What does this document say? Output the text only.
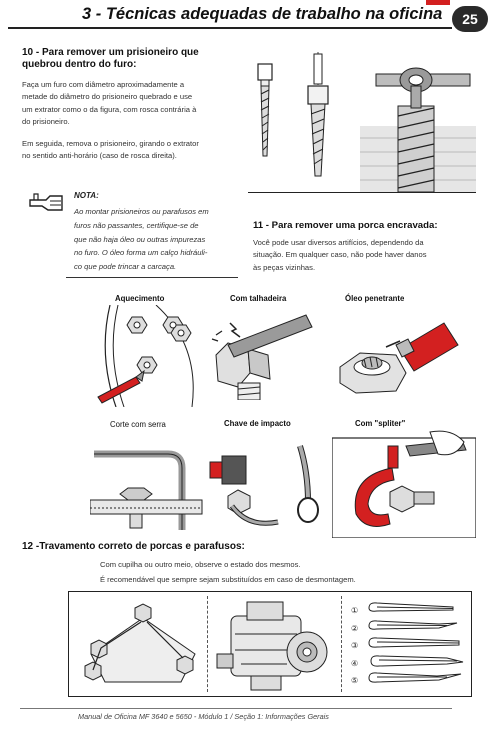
3 - Técnicas adequadas de trabalho na oficina	25
10 - Para remover um prisioneiro que
quebrou dentro do furo:
Faça um furo com diâmetro aproximadamente a
metade do diâmetro do prisioneiro quebrado e use
um extrator como o da figura, com rosca contrária à
do prisioneiro.
Em seguida, remova o prisioneiro, girando o extrator
no sentido anti-horário (caso de rosca direita).
NOTA:
Ao montar prisioneiros ou parafusos em
furos não passantes, certifique-se de
que não haja óleo ou outras impurezas
no furo. O óleo forma um calço hidráuli-
co que pode trincar a carcaça.
11 - Para remover uma porca encravada:
Você pode usar diversos artifícios, dependendo da
situação. Em qualquer caso, não pode haver danos
às peças vizinhas.
Aquecimento	Com talhadeira	Óleo penetrante
Corte com serra	Chave de impacto	Com "spliter"
12 -Travamento correto de porcas e parafusos:
Com cupilha ou outro meio, observe o estado dos mesmos.
É recomendável que sempre sejam substituídos em caso de desmontagem.
①
②
③
④
⑤
Manual de Oficina MF 3640 e 5650 - Módulo 1 / Seção 1: Informações Gerais
